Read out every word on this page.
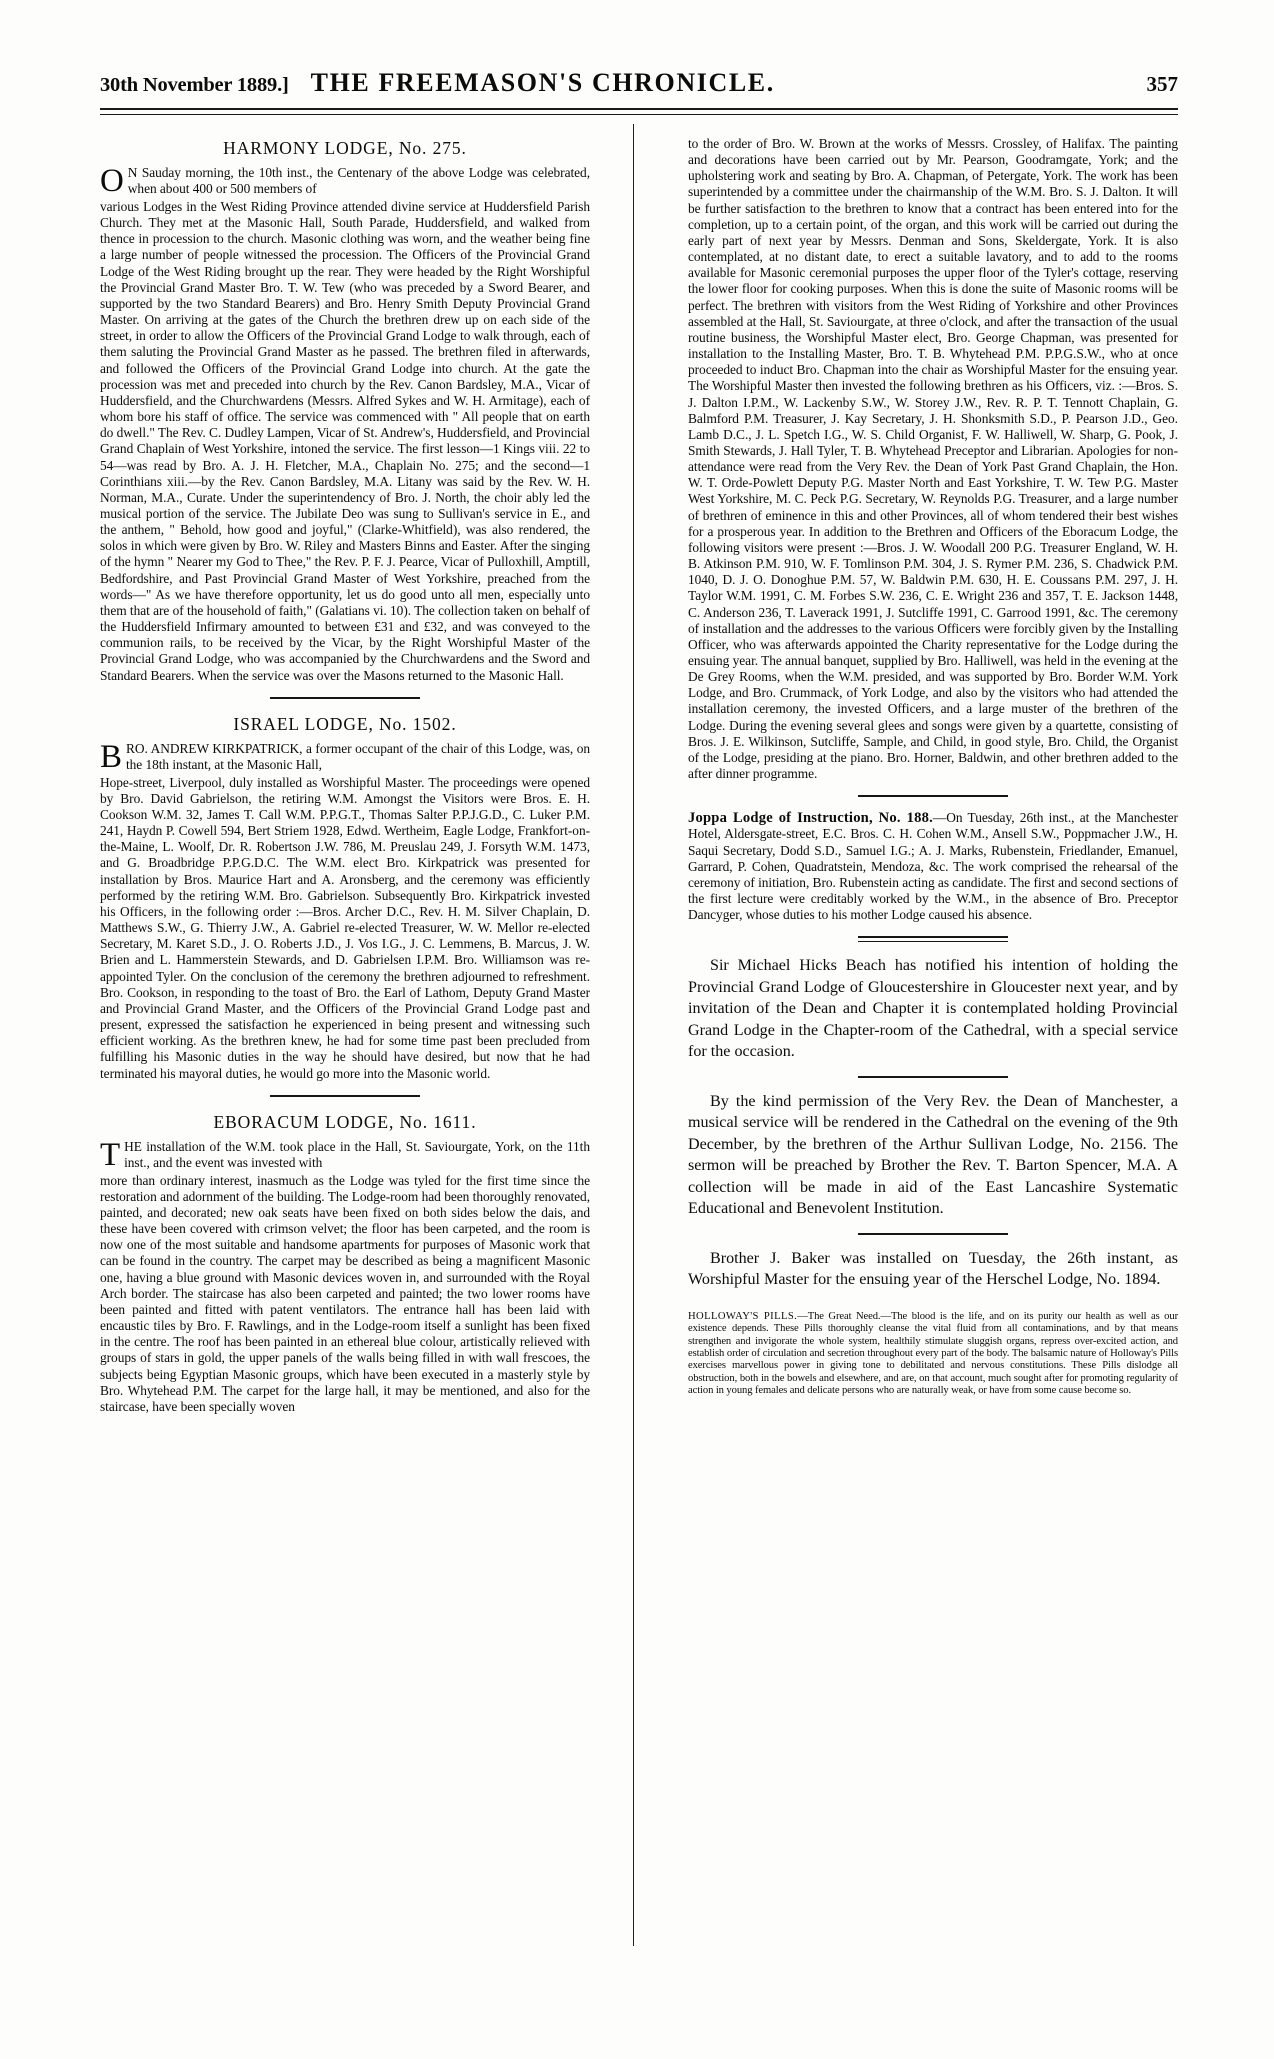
30th November 1889.] THE FREEMASON'S CHRONICLE.	357
HARMONY LODGE, No. 275.

O N Sauday morning, the 10th inst., the Centenary of the above Lodge was celebrated, when about 400 or 500 members of

various Lodges in the West Riding Province attended divine service at Huddersfield Parish Church. They met at the Masonic Hall, South Parade, Huddersfield, and walked from thence in procession to the church. Masonic clothing was worn, and the weather being fine a large number of people witnessed the procession. The Officers of the Provincial Grand Lodge of the West Riding brought up the rear. They were headed by the Right Worshipful the Provincial Grand Master Bro. T. W. Tew (who was preceded by a Sword Bearer, and supported by the two Standard Bearers) and Bro. Henry Smith Deputy Provincial Grand Master. On arriving at the gates of the Church the brethren drew up on each side of the street, in order to allow the Officers of the Provincial Grand Lodge to walk through, each of them saluting the Provincial Grand Master as he passed. The brethren filed in afterwards, and followed the Officers of the Provincial Grand Lodge into church. At the gate the procession was met and preceded into church by the Rev. Canon Bardsley, M.A., Vicar of Huddersfield, and the Churchwardens (Messrs. Alfred Sykes and W. H. Armitage), each of whom bore his staff of office. The service was commenced with " All people that on earth do dwell." The Rev. C. Dudley Lampen, Vicar of St. Andrew's, Huddersfield, and Provincial Grand Chaplain of West Yorkshire, intoned the service. The first lesson—1 Kings viii. 22 to 54—was read by Bro. A. J. H. Fletcher, M.A., Chaplain No. 275; and the second—1 Corinthians xiii.—by the Rev. Canon Bardsley, M.A. Litany was said by the Rev. W. H. Norman, M.A., Curate. Under the superintendency of Bro. J. North, the choir ably led the musical portion of the service. The Jubilate Deo was sung to Sullivan's service in E., and the anthem, " Behold, how good and joyful," (Clarke-Whitfield), was also rendered, the solos in which were given by Bro. W. Riley and Masters Binns and Easter. After the singing of the hymn " Nearer my God to Thee," the Rev. P. F. J. Pearce, Vicar of Pulloxhill, Amptill, Bedfordshire, and Past Provincial Grand Master of West Yorkshire, preached from the words—" As we have therefore opportunity, let us do good unto all men, especially unto them that are of the household of faith," (Galatians vi. 10). The collection taken on behalf of the Huddersfield Infirmary amounted to between £31 and £32, and was conveyed to the communion rails, to be received by the Vicar, by the Right Worshipful Master of the Provincial Grand Lodge, who was accompanied by the Churchwardens and the Sword and Standard Bearers. When the service was over the Masons returned to the Masonic Hall.

ISRAEL LODGE, No. 1502.

BRO. ANDREW KIRKPATRICK, a former occupant of the chair of this Lodge, was, on the 18th instant, at the Masonic Hall,

Hope-street, Liverpool, duly installed as Worshipful Master. The proceedings were opened by Bro. David Gabrielson, the retiring W.M. Amongst the Visitors were Bros. E. H. Cookson W.M. 32, James T. Call W.M. P.P.G.T., Thomas Salter P.P.J.G.D., C. Luker P.M. 241, Haydn P. Cowell 594, Bert Striem 1928, Edwd. Wertheim, Eagle Lodge, Frankfort-on-the-Maine, L. Woolf, Dr. R. Robertson J.W. 786, M. Preuslau 249, J. Forsyth W.M. 1473, and G. Broadbridge P.P.G.D.C. The W.M. elect Bro. Kirkpatrick was presented for installation by Bros. Maurice Hart and A. Aronsberg, and the ceremony was efficiently performed by the retiring W.M. Bro. Gabrielson. Subsequently Bro. Kirkpatrick invested his Officers, in the following order :—Bros. Archer D.C., Rev. H. M. Silver Chaplain, D. Matthews S.W., G. Thierry J.W., A. Gabriel re-elected Treasurer, W. W. Mellor re-elected Secretary, M. Karet S.D., J. O. Roberts J.D., J. Vos I.G., J. C. Lemmens, B. Marcus, J. W. Brien and L. Hammerstein Stewards, and D. Gabrielsen I.P.M. Bro. Williamson was re-appointed Tyler. On the conclusion of the ceremony the brethren adjourned to refreshment. Bro. Cookson, in responding to the toast of Bro. the Earl of Lathom, Deputy Grand Master and Provincial Grand Master, and the Officers of the Provincial Grand Lodge past and present, expressed the satisfaction he experienced in being present and witnessing such efficient working. As the brethren knew, he had for some time past been precluded from fulfilling his Masonic duties in the way he should have desired, but now that he had terminated his mayoral duties, he would go more into the Masonic world.

EBORACUM LODGE, No. 1611.

THE installation of the W.M. took place in the Hall, St. Saviourgate, York, on the 11th inst., and the event was invested with

more than ordinary interest, inasmuch as the Lodge was tyled for the first time since the restoration and adornment of the building. The Lodge-room had been thoroughly renovated, painted, and decorated; new oak seats have been fixed on both sides below the dais, and these have been covered with crimson velvet; the floor has been carpeted, and the room is now one of the most suitable and handsome apartments for purposes of Masonic work that can be found in the country. The carpet may be described as being a magnificent Masonic one, having a blue ground with Masonic devices woven in, and surrounded with the Royal Arch border. The staircase has also been carpeted and painted; the two lower rooms have been painted and fitted with patent ventilators. The entrance hall has been laid with encaustic tiles by Bro. F. Rawlings, and in the Lodge-room itself a sunlight has been fixed in the centre. The roof has been painted in an ethereal blue colour, artistically relieved with groups of stars in gold, the upper panels of the walls being filled in with wall frescoes, the subjects being Egyptian Masonic groups, which have been executed in a masterly style by Bro. Whytehead P.M. The carpet for the large hall, it may be mentioned, and also for the staircase, have been specially woven

to the order of Bro. W. Brown at the works of Messrs. Crossley, of Halifax. The painting and decorations have been carried out by Mr. Pearson, Goodramgate, York; and the upholstering work and seating by Bro. A. Chapman, of Petergate, York. The work has been superintended by a committee under the chairmanship of the W.M. Bro. S. J. Dalton. It will be further satisfaction to the brethren to know that a contract has been entered into for the completion, up to a certain point, of the organ, and this work will be carried out during the early part of next year by Messrs. Denman and Sons, Skeldergate, York. It is also contemplated, at no distant date, to erect a suitable lavatory, and to add to the rooms available for Masonic ceremonial purposes the upper floor of the Tyler's cottage, reserving the lower floor for cooking purposes. When this is done the suite of Masonic rooms will be perfect. The brethren with visitors from the West Riding of Yorkshire and other Provinces assembled at the Hall, St. Saviourgate, at three o'clock, and after the transaction of the usual routine business, the Worshipful Master elect, Bro. George Chapman, was presented for installation to the Installing Master, Bro. T. B. Whytehead P.M. P.P.G.S.W., who at once proceeded to induct Bro. Chapman into the chair as Worshipful Master for the ensuing year. The Worshipful Master then invested the following brethren as his Officers, viz. :—Bros. S. J. Dalton I.P.M., W. Lackenby S.W., W. Storey J.W., Rev. R. P. T. Tennott Chaplain, G. Balmford P.M. Treasurer, J. Kay Secretary, J. H. Shonksmith S.D., P. Pearson J.D., Geo. Lamb D.C., J. L. Spetch I.G., W. S. Child Organist, F. W. Halliwell, W. Sharp, G. Pook, J. Smith Stewards, J. Hall Tyler, T. B. Whytehead Preceptor and Librarian. Apologies for non-attendance were read from the Very Rev. the Dean of York Past Grand Chaplain, the Hon. W. T. Orde-Powlett Deputy P.G. Master North and East Yorkshire, T. W. Tew P.G. Master West Yorkshire, M. C. Peck P.G. Secretary, W. Reynolds P.G. Treasurer, and a large number of brethren of eminence in this and other Provinces, all of whom tendered their best wishes for a prosperous year. In addition to the Brethren and Officers of the Eboracum Lodge, the following visitors were present :—Bros. J. W. Woodall 200 P.G. Treasurer England, W. H. B. Atkinson P.M. 910, W. F. Tomlinson P.M. 304, J. S. Rymer P.M. 236, S. Chadwick P.M. 1040, D. J. O. Donoghue P.M. 57, W. Baldwin P.M. 630, H. E. Coussans P.M. 297, J. H. Taylor W.M. 1991, C. M. Forbes S.W. 236, C. E. Wright 236 and 357, T. E. Jackson 1448, C. Anderson 236, T. Laverack 1991, J. Sutcliffe 1991, C. Garrood 1991, &c. The ceremony of installation and the addresses to the various Officers were forcibly given by the Installing Officer, who was afterwards appointed the Charity representative for the Lodge during the ensuing year. The annual banquet, supplied by Bro. Halliwell, was held in the evening at the De Grey Rooms, when the W.M. presided, and was supported by Bro. Border W.M. York Lodge, and Bro. Crummack, of York Lodge, and also by the visitors who had attended the installation ceremony, the invested Officers, and a large muster of the brethren of the Lodge. During the evening several glees and songs were given by a quartette, consisting of Bros. J. E. Wilkinson, Sutcliffe, Sample, and Child, in good style, Bro. Child, the Organist of the Lodge, presiding at the piano. Bro. Horner, Baldwin, and other brethren added to the after dinner programme.

Joppa Lodge of Instruction, No. 188.—On Tuesday, 26th inst., at the Manchester Hotel, Aldersgate-street, E.C. Bros. C. H. Cohen W.M., Ansell S.W., Poppmacher J.W., H. Saqui Secretary, Dodd S.D., Samuel I.G.; A. J. Marks, Rubenstein, Friedlander, Emanuel, Garrard, P. Cohen, Quadratstein, Mendoza, &c. The work comprised the rehearsal of the ceremony of initiation, Bro. Rubenstein acting as candidate. The first and second sections of the first lecture were creditably worked by the W.M., in the absence of Bro. Preceptor Dancyger, whose duties to his mother Lodge caused his absence.

Sir Michael Hicks Beach has notified his intention of holding the Provincial Grand Lodge of Gloucestershire in Gloucester next year, and by invitation of the Dean and Chapter it is contemplated holding Provincial Grand Lodge in the Chapter-room of the Cathedral, with a special service for the occasion.

By the kind permission of the Very Rev. the Dean of Manchester, a musical service will be rendered in the Cathedral on the evening of the 9th December, by the brethren of the Arthur Sullivan Lodge, No. 2156. The sermon will be preached by Brother the Rev. T. Barton Spencer, M.A. A collection will be made in aid of the East Lancashire Systematic Educational and Benevolent Institution.

Brother J. Baker was installed on Tuesday, the 26th instant, as Worshipful Master for the ensuing year of the Herschel Lodge, No. 1894.

HOLLOWAY'S PILLS.—The Great Need.—The blood is the life, and on its purity our health as well as our existence depends. These Pills thoroughly cleanse the vital fluid from all contaminations, and by that means strengthen and invigorate the whole system, healthily stimulate sluggish organs, repress over-excited action, and establish order of circulation and secretion throughout every part of the body. The balsamic nature of Holloway's Pills exercises marvellous power in giving tone to debilitated and nervous constitutions. These Pills dislodge all obstruction, both in the bowels and elsewhere, and are, on that account, much sought after for promoting regularity of action in young females and delicate persons who are naturally weak, or have from some cause become so.
